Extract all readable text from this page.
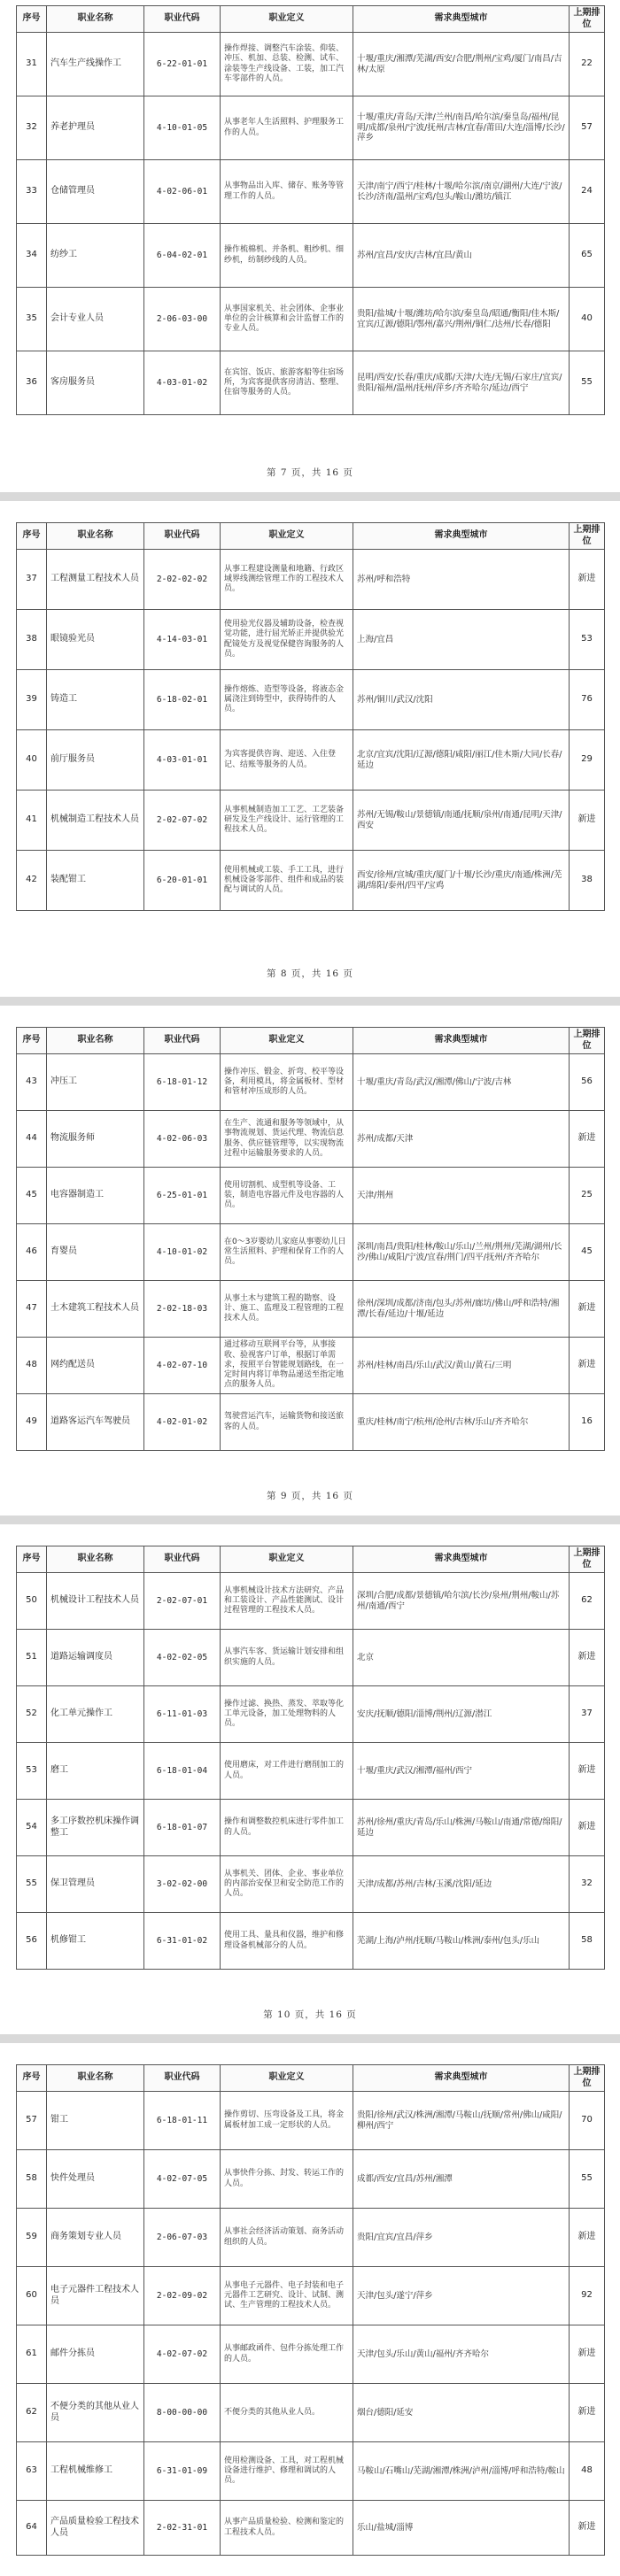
序号	职业名称	职业代码	职业定义	需求典型城市	上期排位
31	汽车生产线操作工	6-22-01-01	操作焊接、调整汽车涂装、仰装、冲压、机加、总装、检测、试车、涂装等生产线设备、工装，加工汽车零部件的人员。	十堰/重庆/湘潭/芜湖/西安/合肥/荆州/宝鸡/厦门/南昌/吉林/太原	22
32	养老护理员	4-10-01-05	从事老年人生活照料、护理服务工作的人员。	十堰/重庆/青岛/天津/兰州/南昌/哈尔滨/秦皇岛/福州/昆明/成都/泉州/宁波/抚州/吉林/宜春/莆田/大连/淄博/长沙/萍乡	57
33	仓储管理员	4-02-06-01	从事物品出入库、储存、账务等管理工作的人员。	天津/南宁/西宁/桂林/十堰/哈尔滨/南京/湖州/大连/宁波/长沙/济南/温州/宝鸡/包头/鞍山/潍坊/镇江	24
34	纺纱工	6-04-02-01	操作梳棉机、并条机、粗纱机、细纱机，纺制纱线的人员。	苏州/宜昌/安庆/吉林/宜昌/黄山	65
35	会计专业人员	2-06-03-00	从事国家机关、社会团体、企事业单位的会计核算和会计监督工作的专业人员。	贵阳/盐城/十堰/潍坊/哈尔滨/秦皇岛/昭通/衡阳/佳木斯/宜宾/辽源/德阳/鄂州/嘉兴/荆州/铜仁/达州/长春/德阳	40
36	客房服务员	4-03-01-02	在宾馆、饭店、旅游客船等住宿场所，为宾客提供客房清洁、整理、住宿等服务的人员。	昆明/西安/长春/重庆/成都/天津/大连/无锡/石家庄/宜宾/贵阳/福州/温州/抚州/萍乡/齐齐哈尔/延边/西宁	55
第 7 页，共 16 页
序号	职业名称	职业代码	职业定义	需求典型城市	上期排位
37	工程测量工程技术人员	2-02-02-02	从事工程建设测量和地籍、行政区域界线测绘管理工作的工程技术人员。	苏州/呼和浩特	新进
38	眼镜验光员	4-14-03-01	使用验光仪器及辅助设备，检查视觉功能，进行屈光矫正并提供验光配镜处方及视觉保健咨询服务的人员。	上海/宜昌	53
39	铸造工	6-18-02-01	操作熔炼、造型等设备，将液态金属浇注到铸型中，获得铸件的人员。	苏州/铜川/武汉/沈阳	76
40	前厅服务员	4-03-01-01	为宾客提供咨询、迎送、入住登记、结账等服务的人员。	北京/宜宾/沈阳/辽源/德阳/咸阳/丽江/佳木斯/大同/长春/延边	29
41	机械制造工程技术人员	2-02-07-02	从事机械制造加工工艺、工艺装备研发及生产线设计、运行管理的工程技术人员。	苏州/无锡/鞍山/景德镇/南通/抚顺/泉州/南通/昆明/天津/西安	新进
42	装配钳工	6-20-01-01	使用机械或工装、手工工具，进行机械设备零部件、组件和成品的装配与调试的人员。	西安/徐州/宣城/重庆/厦门/十堰/长沙/重庆/南通/株洲/芜湖/绵阳/泰州/四平/宝鸡	38
第 8 页，共 16 页
序号	职业名称	职业代码	职业定义	需求典型城市	上期排位
43	冲压工	6-18-01-12	操作冲压、锻金、折弯、校平等设备，利用模具，将金属板材、型材和管材冲压成形的人员。	十堰/重庆/青岛/武汉/湘潭/佛山/宁波/吉林	56
44	物流服务师	4-02-06-03	在生产、流通和服务等领域中，从事物流规划、货运代理、物流信息服务、供应链管理等，以实现物流过程中运输服务要求的人员。	苏州/成都/天津	新进
45	电容器制造工	6-25-01-01	使用切割机、成型机等设备、工装，制造电容器元件及电容器的人员。	天津/荆州	25
46	育婴员	4-10-01-02	在0～3岁婴幼儿家庭从事婴幼儿日常生活照料、护理和保育工作的人员。	深圳/南昌/贵阳/桂林/鞍山/乐山/兰州/荆州/芜湖/湖州/长沙/佛山/咸阳/宁波/宜春/荆门/四平/抚州/齐齐哈尔	45
47	土木建筑工程技术人员	2-02-18-03	从事土木与建筑工程的勘察、设计、施工、监理及工程管理的工程技术人员。	徐州/深圳/成都/济南/包头/苏州/廊坊/佛山/呼和浩特/湘潭/长春/延边/十堰/延边	新进
48	网约配送员	4-02-07-10	通过移动互联网平台等，从事接收、验视客户订单，根据订单需求，按照平台智能规划路线，在一定时间内将订单物品递送至指定地点的服务人员。	苏州/桂林/南昌/乐山/武汉/黄山/黄石/三明	新进
49	道路客运汽车驾驶员	4-02-01-02	驾驶营运汽车，运输货物和接送旅客的人员。	重庆/桂林/南宁/杭州/沧州/吉林/乐山/齐齐哈尔	16
第 9 页，共 16 页
序号	职业名称	职业代码	职业定义	需求典型城市	上期排位
50	机械设计工程技术人员	2-02-07-01	从事机械设计技术方法研究、产品和工装设计、产品性能测试、设计过程管理的工程技术人员。	深圳/合肥/成都/景德镇/哈尔滨/长沙/泉州/荆州/鞍山/苏州/南通/西宁	62
51	道路运输调度员	4-02-02-05	从事汽车客、货运输计划安排和组织实施的人员。	北京	新进
52	化工单元操作工	6-11-01-03	操作过滤、换热、蒸发、萃取等化工单元设备，加工处理物料的人员。	安庆/抚顺/德阳/淄博/荆州/辽源/潜江	37
53	磨工	6-18-01-04	使用磨床，对工件进行磨削加工的人员。	十堰/重庆/武汉/湘潭/福州/西宁	新进
54	多工序数控机床操作调整工	6-18-01-07	操作和调整数控机床进行零件加工的人员。	苏州/徐州/重庆/青岛/乐山/株洲/马鞍山/南通/常德/绵阳/延边	新进
55	保卫管理员	3-02-02-00	从事机关、团体、企业、事业单位的内部治安保卫和安全防范工作的人员。	天津/成都/苏州/吉林/玉溪/沈阳/延边	32
56	机修钳工	6-31-01-02	使用工具、量具和仪器，维护和修理设备机械部分的人员。	芜湖/上海/泸州/抚顺/马鞍山/株洲/泰州/包头/乐山	58
第 10 页，共 16 页
序号	职业名称	职业代码	职业定义	需求典型城市	上期排位
57	钳工	6-18-01-11	操作剪切、压弯设备及工具，将金属板材加工成一定形状的人员。	贵阳/徐州/武汉/株洲/湘潭/马鞍山/抚顺/常州/佛山/咸阳/柳州/西宁	70
58	快件处理员	4-02-07-05	从事快件分拣、封发、转运工作的人员。	成都/西安/宜昌/苏州/湘潭	55
59	商务策划专业人员	2-06-07-03	从事社会经济活动策划、商务活动组织的人员。	贵阳/宜宾/宜昌/萍乡	新进
60	电子元器件工程技术人员	2-02-09-02	从事电子元器件、电子封装和电子元器件工艺研究、设计、试制、测试、生产管理的工程技术人员。	天津/包头/遂宁/萍乡	92
61	邮件分拣员	4-02-07-02	从事邮政函件、包件分拣处理工作的人员。	天津/包头/乐山/黄山/福州/齐齐哈尔	新进
62	不便分类的其他从业人员	8-00-00-00	不便分类的其他从业人员。	烟台/德阳/延安	新进
63	工程机械维修工	6-31-01-09	使用检测设备、工具，对工程机械设备进行维护、修理和调试的人员。	马鞍山/石嘴山/芜湖/湘潭/株洲/泸州/淄博/呼和浩特/鞍山	48
64	产品质量检验工程技术人员	2-02-31-01	从事产品质量检验、检测和鉴定的工程技术人员。	乐山/盐城/淄博	新进
